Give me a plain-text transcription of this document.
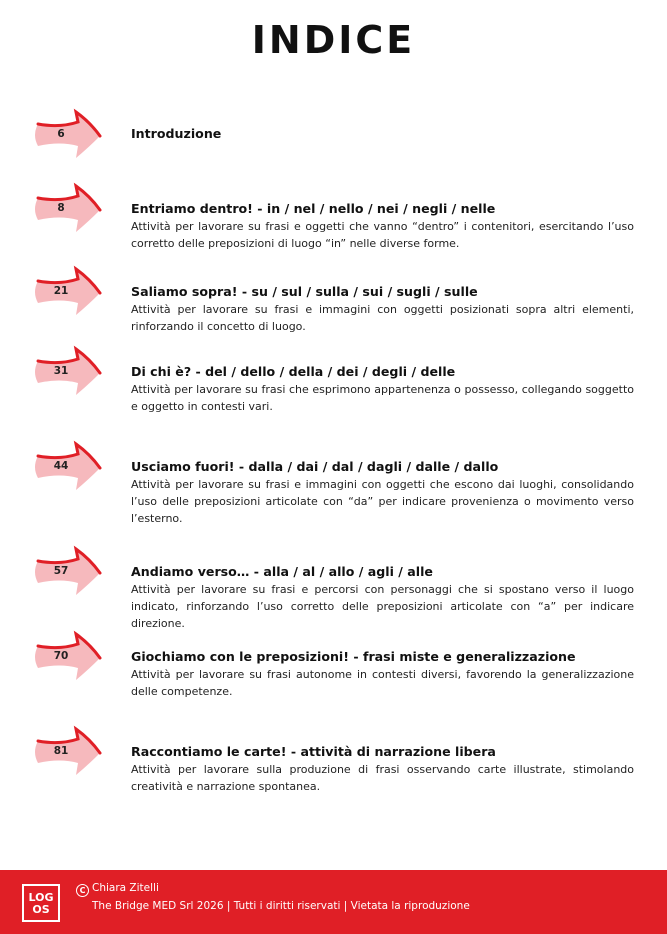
INDICE
6	Introduzione
8	Entriamo dentro! - in / nel / nello / nei / negli / nelle
Attività per lavorare su frasi e oggetti che vanno “dentro” i contenitori, esercitando l’uso corretto delle preposizioni di luogo “in” nelle diverse forme.
21	Saliamo sopra! - su / sul / sulla / sui / sugli / sulle
Attività per lavorare su frasi e immagini con oggetti posizionati sopra altri elementi, rinforzando il concetto di luogo.
31	Di chi è? - del / dello / della / dei / degli / delle
Attività per lavorare su frasi che esprimono appartenenza o possesso, collegando soggetto e oggetto in contesti vari.
44	Usciamo fuori! - dalla / dai / dal / dagli / dalle / dallo
Attività per lavorare su frasi e immagini con oggetti che escono dai luoghi, consolidando l’uso delle preposizioni articolate con “da” per indicare provenienza o movimento verso l’esterno.
57	Andiamo verso… - alla / al / allo / agli / alle
Attività per lavorare su frasi e percorsi con personaggi che si spostano verso il luogo indicato, rinforzando l’uso corretto delle preposizioni articolate con “a” per indicare direzione.
70	Giochiamo con le preposizioni! - frasi miste e generalizzazione
Attività per lavorare su frasi autonome in contesti diversi, favorendo la generalizzazione delle competenze.
81	Raccontiamo le carte! - attività di narrazione libera
Attività per lavorare sulla produzione di frasi osservando carte illustrate, stimolando creatività e narrazione spontanea.
LOG
OS
C Chiara Zitelli
The Bridge MED Srl 2026 | Tutti i diritti riservati | Vietata la riproduzione
